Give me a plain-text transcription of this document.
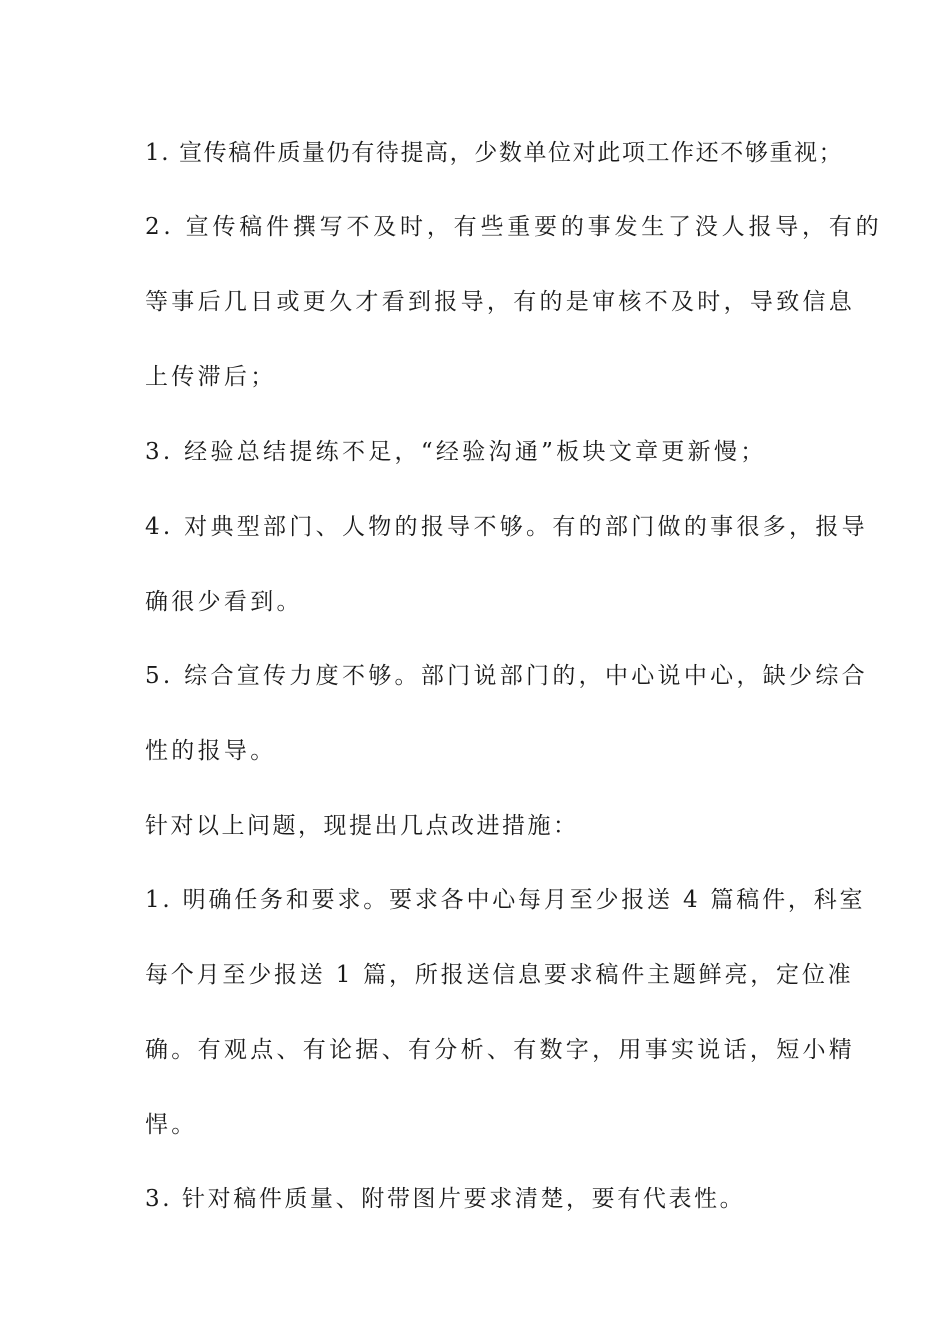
1. 宣传稿件质量仍有待提高，少数单位对此项工作还不够重视；
2. 宣传稿件撰写不及时，有些重要的事发生了没人报导，有的
等事后几日或更久才看到报导，有的是审核不及时，导致信息
上传滞后；
3. 经验总结提练不足，“经验沟通”板块文章更新慢；
4. 对典型部门、人物的报导不够。有的部门做的事很多，报导
确很少看到。
5. 综合宣传力度不够。部门说部门的，中心说中心，缺少综合
性的报导。
针对以上问题，现提出几点改进措施：
1. 明确任务和要求。要求各中心每月至少报送 4 篇稿件，科室
每个月至少报送 1 篇，所报送信息要求稿件主题鲜亮，定位准
确。有观点、有论据、有分析、有数字，用事实说话，短小精
悍。
3. 针对稿件质量、附带图片要求清楚，要有代表性。
